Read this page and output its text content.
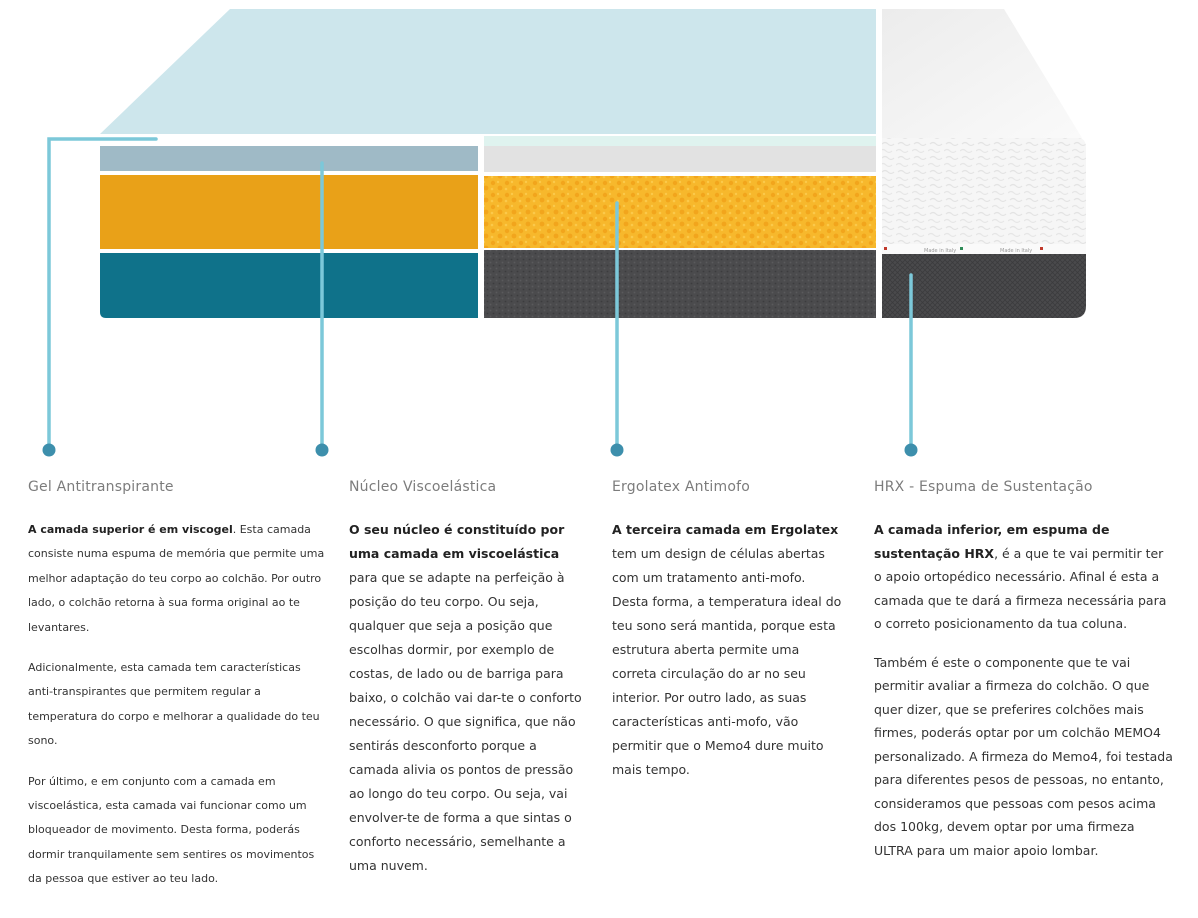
Made in Italy	Made in Italy
Gel Antitranspirante

A camada superior é em viscogel. Esta camada consiste numa espuma de memória que permite uma melhor adaptação do teu corpo ao colchão. Por outro lado, o colchão retorna à sua forma original ao te levantares.

Adicionalmente, esta camada tem características anti-transpirantes que permitem regular a temperatura do corpo e melhorar a qualidade do teu sono.

Por último, e em conjunto com a camada em viscoelástica, esta camada vai funcionar como um bloqueador de movimento. Desta forma, poderás dormir tranquilamente sem sentires os movimentos da pessoa que estiver ao teu lado.

Núcleo Viscoelástica

O seu núcleo é constituído por uma camada em viscoelástica para que se adapte na perfeição à posição do teu corpo. Ou seja, qualquer que seja a posição que escolhas dormir, por exemplo de costas, de lado ou de barriga para baixo, o colchão vai dar-te o conforto necessário. O que significa, que não sentirás desconforto porque a camada alivia os pontos de pressão ao longo do teu corpo. Ou seja, vai envolver-te de forma a que sintas o conforto necessário, semelhante a uma nuvem.

Ergolatex Antimofo

A terceira camada em Ergolatex tem um design de células abertas com um tratamento anti-mofo. Desta forma, a temperatura ideal do teu sono será mantida, porque esta estrutura aberta permite uma correta circulação do ar no seu interior. Por outro lado, as suas características anti-mofo, vão permitir que o Memo4 dure muito mais tempo.

HRX - Espuma de Sustentação

A camada inferior, em espuma de sustentação HRX, é a que te vai permitir ter o apoio ortopédico necessário. Afinal é esta a camada que te dará a firmeza necessária para o correto posicionamento da tua coluna.

Também é este o componente que te vai permitir avaliar a firmeza do colchão. O que quer dizer, que se preferires colchões mais firmes, poderás optar por um colchão MEMO4 personalizado. A firmeza do Memo4, foi testada para diferentes pesos de pessoas, no entanto, consideramos que pessoas com pesos acima dos 100kg, devem optar por uma firmeza ULTRA para um maior apoio lombar.
